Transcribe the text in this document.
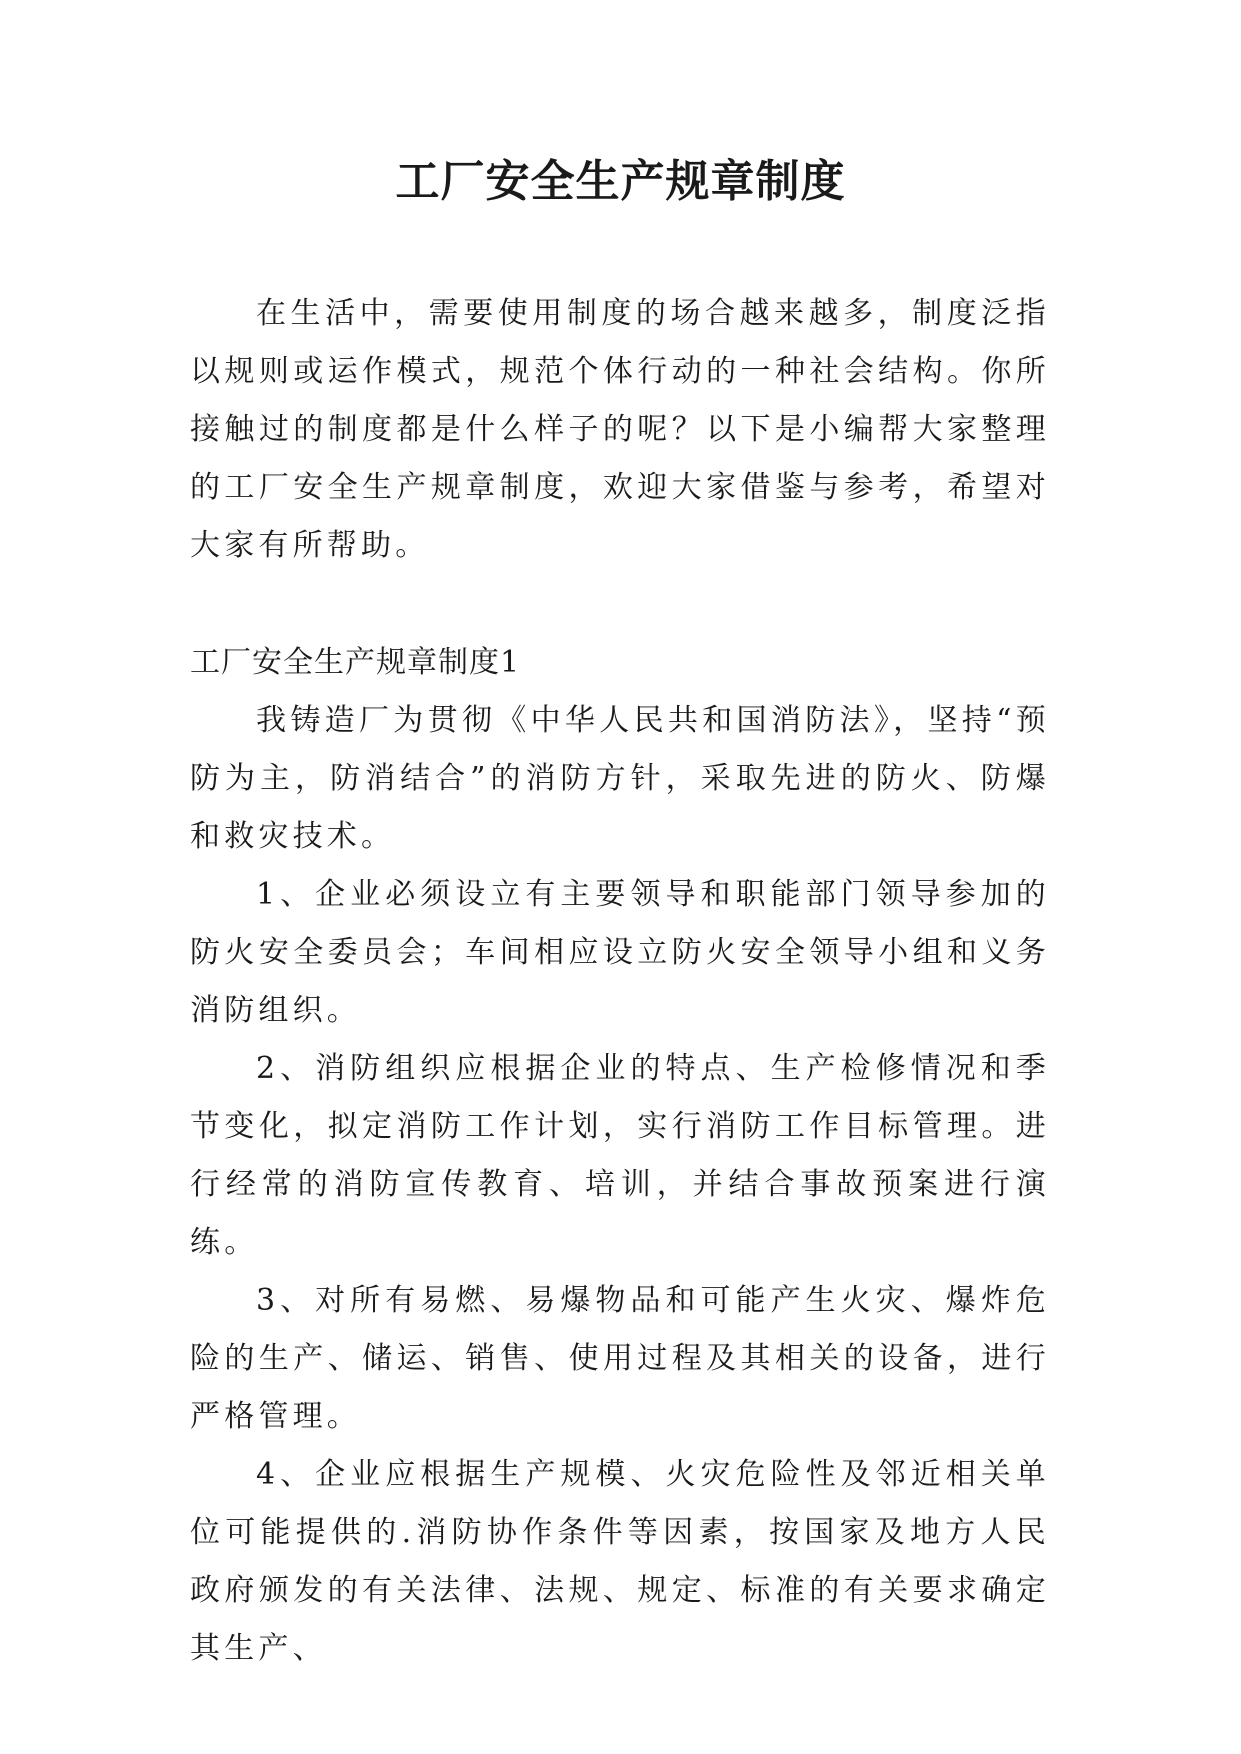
工厂安全生产规章制度

在生活中，需要使用制度的场合越来越多，制度泛指以规则或运作模式，规范个体行动的一种社会结构。你所接触过的制度都是什么样子的呢？以下是小编帮大家整理的工厂安全生产规章制度，欢迎大家借鉴与参考，希望对大家有所帮助。

工厂安全生产规章制度1

我铸造厂为贯彻《中华人民共和国消防法》，坚持“预防为主，防消结合”的消防方针，采取先进的防火、防爆和救灾技术。

1、企业必须设立有主要领导和职能部门领导参加的防火安全委员会；车间相应设立防火安全领导小组和义务消防组织。

2、消防组织应根据企业的特点、生产检修情况和季节变化，拟定消防工作计划，实行消防工作目标管理。进行经常的消防宣传教育、培训，并结合事故预案进行演练。

3、对所有易燃、易爆物品和可能产生火灾、爆炸危险的生产、储运、销售、使用过程及其相关的设备，进行严格管理。

4、企业应根据生产规模、火灾危险性及邻近相关单位可能提供的.消防协作条件等因素，按国家及地方人民政府颁发的有关法律、法规、规定、标准的有关要求确定其生产、
